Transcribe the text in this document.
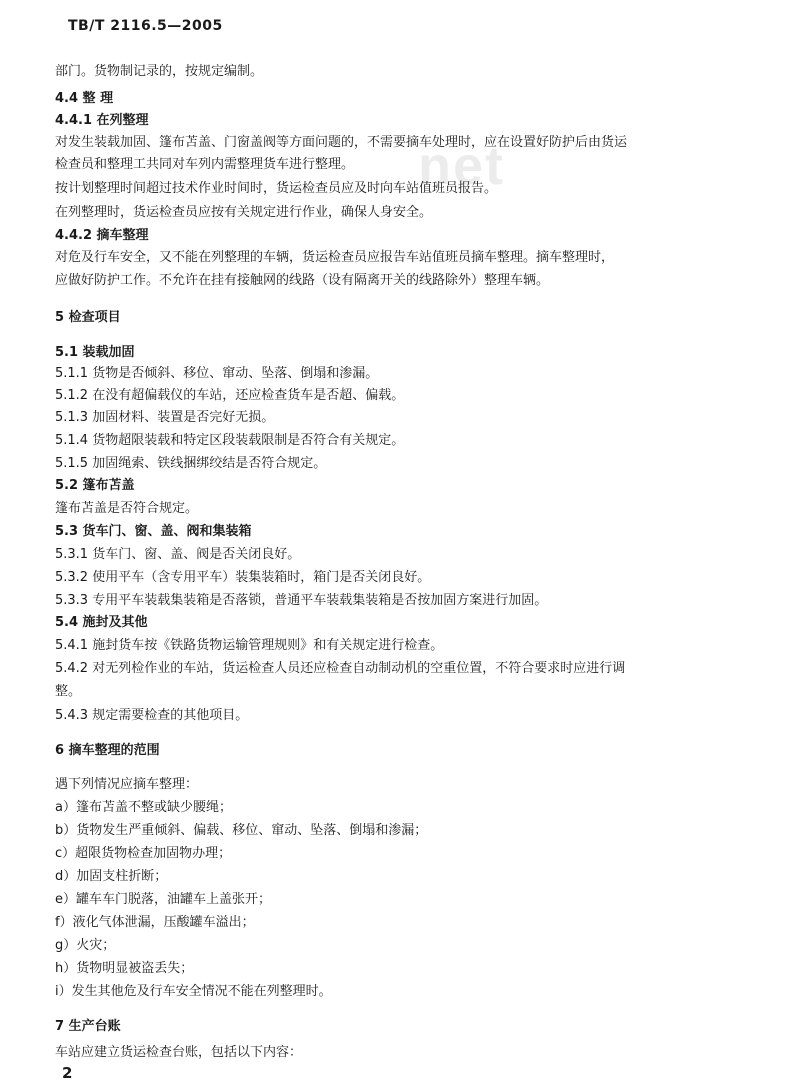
net
TB/T 2116.5—2005
部门。货物制记录的，按规定编制。
4.4 整 理
4.4.1 在列整理
对发生装载加固、篷布苫盖、门窗盖阀等方面问题的，不需要摘车处理时，应在设置好防护后由货运
检查员和整理工共同对车列内需整理货车进行整理。
按计划整理时间超过技术作业时间时，货运检查员应及时向车站值班员报告。
在列整理时，货运检查员应按有关规定进行作业，确保人身安全。
4.4.2 摘车整理
对危及行车安全，又不能在列整理的车辆，货运检查员应报告车站值班员摘车整理。摘车整理时，
应做好防护工作。不允许在挂有接触网的线路（设有隔离开关的线路除外）整理车辆。
5 检查项目
5.1 装载加固
5.1.1 货物是否倾斜、移位、窜动、坠落、倒塌和渗漏。
5.1.2 在没有超偏载仪的车站，还应检查货车是否超、偏载。
5.1.3 加固材料、装置是否完好无损。
5.1.4 货物超限装载和特定区段装载限制是否符合有关规定。
5.1.5 加固绳索、铁线捆绑绞结是否符合规定。
5.2 篷布苫盖
篷布苫盖是否符合规定。
5.3 货车门、窗、盖、阀和集装箱
5.3.1 货车门、窗、盖、阀是否关闭良好。
5.3.2 使用平车（含专用平车）装集装箱时，箱门是否关闭良好。
5.3.3 专用平车装载集装箱是否落锁，普通平车装载集装箱是否按加固方案进行加固。
5.4 施封及其他
5.4.1 施封货车按《铁路货物运输管理规则》和有关规定进行检查。
5.4.2 对无列检作业的车站，货运检查人员还应检查自动制动机的空重位置，不符合要求时应进行调
整。
5.4.3 规定需要检查的其他项目。
6 摘车整理的范围
遇下列情况应摘车整理：
a）篷布苫盖不整或缺少腰绳；
b）货物发生严重倾斜、偏载、移位、窜动、坠落、倒塌和渗漏；
c）超限货物检查加固物办理；
d）加固支柱折断；
e）罐车车门脱落，油罐车上盖张开；
f）液化气体泄漏，压酸罐车溢出；
g）火灾；
h）货物明显被盗丢失；
i）发生其他危及行车安全情况不能在列整理时。
7 生产台账
车站应建立货运检查台账，包括以下内容：
2
